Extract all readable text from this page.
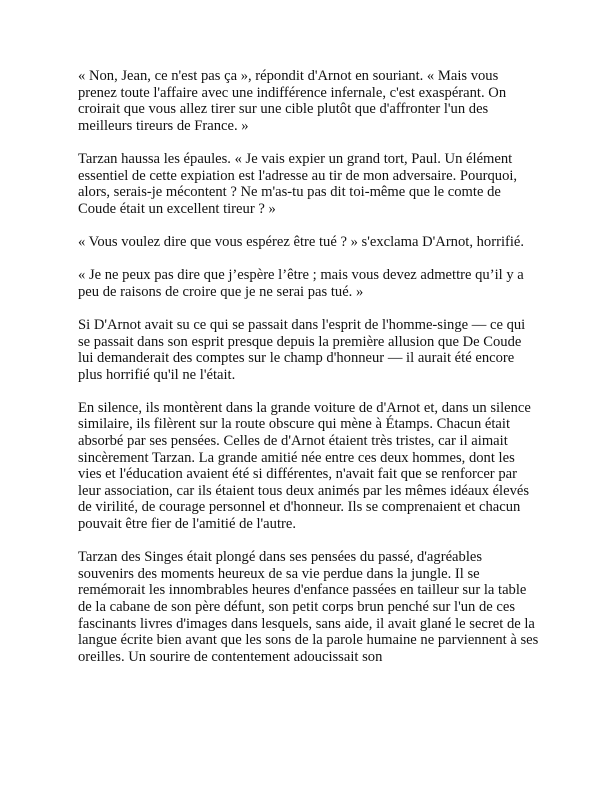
« Non, Jean, ce n'est pas ça », répondit d'Arnot en souriant. « Mais vous prenez toute l'affaire avec une indifférence infernale, c'est exaspérant. On croirait que vous allez tirer sur une cible plutôt que d'affronter l'un des meilleurs tireurs de France. »

Tarzan haussa les épaules. « Je vais expier un grand tort, Paul. Un élément essentiel de cette expiation est l'adresse au tir de mon adversaire. Pourquoi, alors, serais-je mécontent ? Ne m'as-tu pas dit toi-même que le comte de Coude était un excellent tireur ? »

« Vous voulez dire que vous espérez être tué ? » s'exclama D'Arnot, horrifié.

« Je ne peux pas dire que j’espère l’être ; mais vous devez admettre qu’il y a peu de raisons de croire que je ne serai pas tué. »

Si D'Arnot avait su ce qui se passait dans l'esprit de l'homme-singe — ce qui se passait dans son esprit presque depuis la première allusion que De Coude lui demanderait des comptes sur le champ d'honneur — il aurait été encore plus horrifié qu'il ne l'était.

En silence, ils montèrent dans la grande voiture de d'Arnot et, dans un silence similaire, ils filèrent sur la route obscure qui mène à Étamps. Chacun était absorbé par ses pensées. Celles de d'Arnot étaient très tristes, car il aimait sincèrement Tarzan. La grande amitié née entre ces deux hommes, dont les vies et l'éducation avaient été si différentes, n'avait fait que se renforcer par leur association, car ils étaient tous deux animés par les mêmes idéaux élevés de virilité, de courage personnel et d'honneur. Ils se comprenaient et chacun pouvait être fier de l'amitié de l'autre.

Tarzan des Singes était plongé dans ses pensées du passé, d'agréables souvenirs des moments heureux de sa vie perdue dans la jungle. Il se remémorait les innombrables heures d'enfance passées en tailleur sur la table de la cabane de son père défunt, son petit corps brun penché sur l'un de ces fascinants livres d'images dans lesquels, sans aide, il avait glané le secret de la langue écrite bien avant que les sons de la parole humaine ne parviennent à ses oreilles. Un sourire de contentement adoucissait son
